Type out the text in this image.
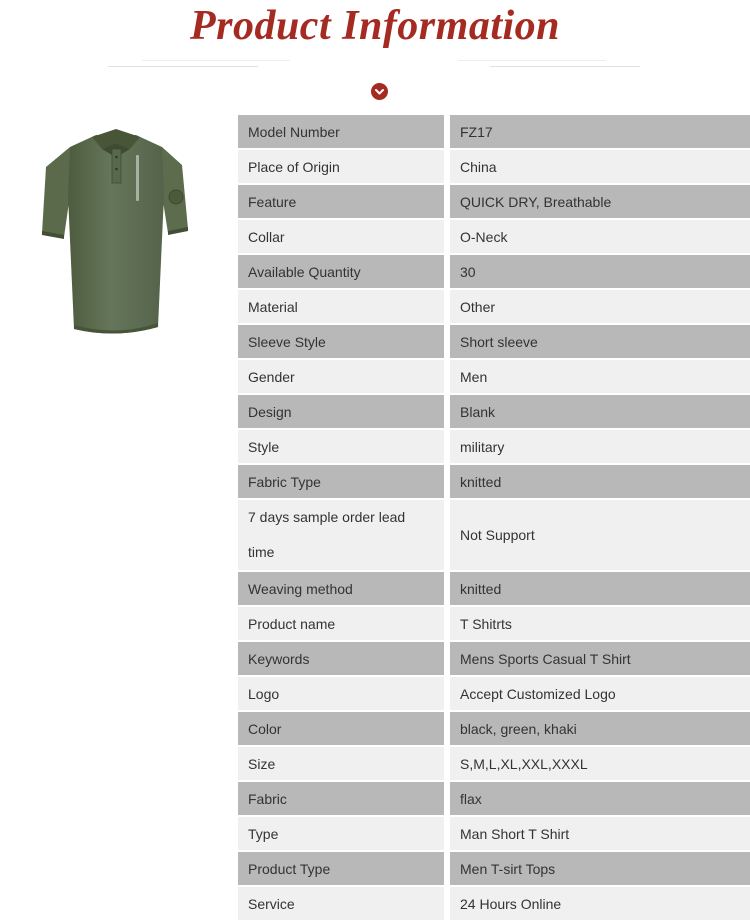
Product Information
Model Number	FZ17
Place of Origin	China
Feature	QUICK DRY, Breathable
Collar	O-Neck
Available Quantity	30
Material	Other
Sleeve Style	Short sleeve
Gender	Men
Design	Blank
Style	military
Fabric Type	knitted
7 days sample order lead time	Not Support
Weaving method	knitted
Product name	T Shitrts
Keywords	Mens Sports Casual T Shirt
Logo	Accept Customized Logo
Color	black, green, khaki
Size	S,M,L,XL,XXL,XXXL
Fabric	flax
Type	Man Short T Shirt
Product Type	Men T-sirt Tops
Service	24 Hours Online
